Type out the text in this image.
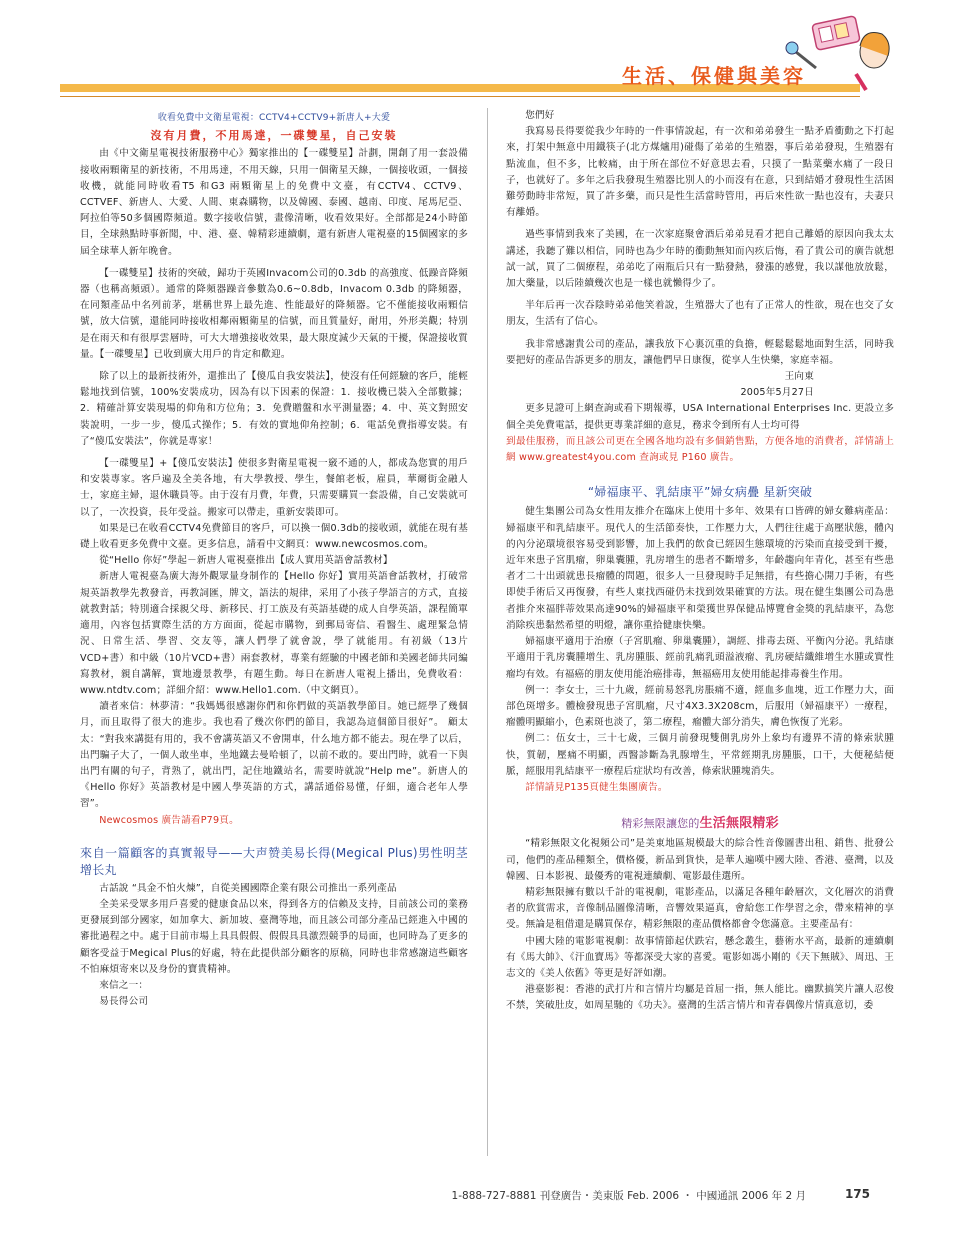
生活、保健與美容

收看免費中文衛星電視：CCTV4+CCTV9+新唐人+大愛

沒有月費，不用馬達，一碟雙星，自己安裝

由《中文衛星電視技術服務中心》獨家推出的【一碟雙星】計劃，開創了用一套設備接收兩顆衛星的新技術，不用馬達，不用天線，只用一個衛星天線，一個接收頭，一個接收機，就能同時收看T5 和G3 兩顆衛星上的免費中文臺，有CCTV4、CCTV9、CCTVEF、新唐人、大愛、人間、東森購物，以及韓國、泰國、越南、印度、尾馬尼亞、阿拉伯等50多個國際頻道。數字接收信號，畫像清晰，收看效果好。全部都是24小時節目，全球熱點時事新聞，中、港、臺、韓精彩連續劇，還有新唐人電視臺的15個國家的多屆全球華人新年晚會。

【一碟雙星】技術的突破，歸功于英國Invacom公司的0.3db 的高強度、低躁音降頻器（也稱高頻頭）。通常的降頻器躁音參數為0.6~0.8db，Invacom 0.3db 的降頻器，在同類產品中名列前茅，堪稱世界上最先進、性能最好的降頻器。它不僅能接收兩顆信號，放大信號，還能同時接收相鄰兩顆衛星的信號，而且質量好，耐用，外形美觀；特別是在雨天和有很厚雲層時，可大大增強接收效果，最大限度減少天氣的干擾，保證接收質量。【一碟雙星】已收到廣大用戶的肯定和歡迎。

除了以上的最新技術外，還推出了【傻瓜自我安裝法】，使沒有任何經驗的客戶，能輕鬆地找到信號，100%安裝成功，因為有以下因素的保證：1．接收機已裝入全部數據；2．精確計算安裝現場的仰角和方位角；3．免費贈盤和水平測量器；4．中、英文對照安裝說明，一步一步，傻瓜式操作；5．有效的實地仰角控制；6．電話免費指導安裝。有了“傻瓜安裝法”，你就是專家！

【一碟雙星】+【傻瓜安裝法】使很多對衛星電視一竅不通的人，都成為您實的用戶和安裝專家。客戶遍及全美各地，有大學教授、學生，餐館老板，雇員，華爾街金融人士，家庭主婦，退休職員等。由于沒有月費，年費，只需要購買一套設備，自己安裝就可以了，一次投資，長年受益。搬家可以帶走，重新安裝即可。

如果是已在收看CCTV4免費節目的客戶，可以換一個0.3db的接收頭，就能在現有基礎上收看更多免費中文臺。更多信息，請看中文網頁：www.newcosmos.com。

從“Hello 你好”學起－新唐人電視臺推出【成人實用英語會話教材】

新唐人電視臺為廣大海外觀眾量身制作的【Hello 你好】實用英語會話教材，打破常規英語教學先教發音，再教詞匯，牌文，語法的規律，采用了小孩子學語言的方式，直接就教對話；特別適合採親父母、新移民、打工族及有英語基礎的成人自學英語，課程簡單適用，內容包括實際生活的方方面面，從起市購物，到郵局寄信、看醫生、處理緊急情況、日常生活、學習、交友等，讓人們學了就會說，學了就能用。有初級（13片VCD+書）和中級（10片VCD+書）兩套教材，專業有經驗的中國老師和美國老師共同編寫教材，親自講解，實地邊景教學，有題生動。每日在新唐人電視上播出，免費收看：www.ntdtv.com；詳細介紹：www.Hello1.com.（中文網頁）。

讀者來信：林夢清：“我媽媽很感謝你們和你們做的英語教學節目。她已經學了幾個月，而且取得了很大的進步。我也看了幾次你們的節目，我認為這個節目很好”。 顧太太：“對我來講挺有用的，我不會講英語又不會開車，什么地方都不能去。現在學了以后，出門騙子大了，一個人敢坐車，坐地鐵去曼哈頓了，以前不敢的。要出門時，就看一下與出門有關的句子，背熟了，就出門，記住地鐵站名，需要時就說“Help me”。新唐人的《Hello 你好》英語教材是中國人學英語的方式，講話通俗易懂，仔細，適合老年人學習”。

Newcosmos 廣告請看P79頁。

來自一篇顧客的真實報导——大声赞美易长得(Megical Plus)男性明茎增长丸

古話說 “具金不怕火煉”，自從美國國際企業有限公司推出一系列產品

全美采受眾多用戶喜愛的健康食品以來，得到各方的信賴及支持，目前該公司的業務更發展到部分國家，如加拿大、新加坡、臺灣等地，而且該公司部分產品已經進入中國的審批過程之中。處于目前市場上具具假假、假假具具激烈競爭的局面，也同時為了更多的顧客受益于Megical Plus的好處，特在此提供部分顧客的原稿，同時也非常感謝這些顧客不怕麻煩寄來以及身份的寶貴精神。

來信之一：

易長得公司

您們好

我寫易長得要從我少年時的一件事情說起，有一次和弟弟發生一點矛盾衝動之下打起來，打架中無意中用鐵筷子(北方煤爐用)碰傷了弟弟的生殖器，事后弟弟發現，生殖器有點流血，但不多，比較痛，由于所在部位不好意思去看，只摸了一點菜藥水痛了一段日子，也就好了。多年之后我發現生殖器比別人的小而沒有在意，只到結婚才發現性生活困難勞動時非常短，買了許多藥，而只是性生活當時管用，再后來性欲一點也沒有，夫妻只有離婚。

過些事情到我來了美國，在一次家庭聚會酒后弟弟見看才把自己離婚的原因向我太太講述，我聽了難以相信，同時也為少年時的衝動無知而內疚后悔，看了貴公司的廣告就想試一試，買了二個療程，弟弟吃了兩瓶后只有一點發熱，發漲的感覺，我以謀他放放鬆，加大藥量，以后陸續幾次也是一樣也就懶得少了。

半年后再一次吞陰時弟弟他笑着說，生殖器大了也有了正常人的性欲，現在也交了女朋友，生活有了信心。

我非常感謝貴公司的產品，讓我放下心裏沉重的負擔，輕鬆鬆鬆地面對生活，同時我要把好的產品告訴更多的朋友，讓他們早日康復，從享人生快樂，家庭幸福。

王向東

2005年5月27日

更多見證可上網查詢或看下期報導，USA International Enterprises Inc. 更設立多個全美免費電話，提供更專業詳細的意見，務求令到所有人士均可得

到最佳服務，而且該公司更在全國各地均設有多個銷售點，方便各地的消費者，詳情請上網 www.greatest4you.com 查詢或見 P160 廣告。

“婦福康平、乳結康平”婦女病疊 星新突破

健生集團公司為女性用友推介在臨床上使用十多年、效果有口皆碑的婦女難病產品：婦福康平和乳結康平。現代人的生活節奏快，工作壓力大，人們往往處于高壓狀態，體內的內分泌環境很容易受到影響，加上我們的飲食已經因生態環境的污染而直接受到干擾，近年來患子宮肌瘤，卵巢囊腫，乳房增生的患者不斷增多，年齡趨向年青化，甚至有些患者才二十出頭就患長瘤體的問題，很多人一旦發現時手足無措，有些擔心開刀手術，有些即使手術后又再復發，有些人東找西碰仍未找到效果確實的方法。現在健生集團公司為患者推介來福胖蒂效果高達90%的婦福康平和榮獲世界保健品博覽會金獎的乳結康平，為您消除疾患黏然希望的明燈，讓你重拾健康快樂。

婦福康平適用于治療（子宮肌瘤、卵巢囊腫），調經、排毒去斑、平衡內分泌。乳結康平適用于乳房囊腫增生、乳房腫脹、經前乳痛乳頭溢液瘤、乳房硬結纖維增生水腫或實性瘤均有效。有福癌的朋友使用能治癌排毒，無福癌用友使用能起排毒養生作用。

例一：李女士，三十九歲，經前易怒乳房脹痛不適，經血多血塊，近工作壓力大，面部色斑增多。體檢發現患子宮肌瘤，尺寸4X3.3X208cm，后服用（婦福康平）一療程，瘤體明顯縮小，色素斑也淡了，第二療程，瘤體大部分消失，膚色恢復了光彩。

例二：伍女士，三十七歲，三個月前發現雙側乳房外上象均有邊界不清的條索狀腫快，質韌，壓痛不明顯，西醫診斷為乳腺增生，平常經期乳房腫脹，口干，大便秘結便脈，經服用乳結康平一療程后症狀均有改善，條索狀腫塊消失。

詳情請見P135頁健生集團廣告。

精彩無限讓您的生活無限精彩

“精彩無限文化視頻公司”是美東地區規模最大的綜合性音像圖書出租、銷售、批發公司，他們的產品種類全，價格優，新品到貨快，是華人遍嘆中國大陸、香港、臺灣，以及韓國、日本影視、最優秀的電視連續劇、電影最佳選所。

精彩無限擁有數以千計的電視劇，電影產品，以滿足各種年齡層次，文化層次的消費者的欣賞需求，音像制品圖像清晰，音響效果逼真，會給您工作學習之余，帶來精神的享受。無論是租借還是購買保存，精彩無限的產品價格都會令您滿意。主要產品有：

中國大陸的電影電視劇：故事情節起伏跌宕，懸念叢生，藝術水平高，最新的連續劇有《馬大帥》、《汗血寶馬》等都深受大家的喜愛。電影如馮小剛的《天下無賊》、周迅、王志文的《美人依舊》等更是好評如潮。

港臺影視：香港的武打片和言情片均屬是首屈一指，無人能比。幽默搞笑片讓人忍俊不禁，笑破肚皮，如周星馳的《功夫》。臺灣的生活言情片和青春偶像片情真意切，委

1-888-727-8881 刊登廣告・美東版 Feb. 2006 ・ 中國通訊 2006 年 2 月	175
